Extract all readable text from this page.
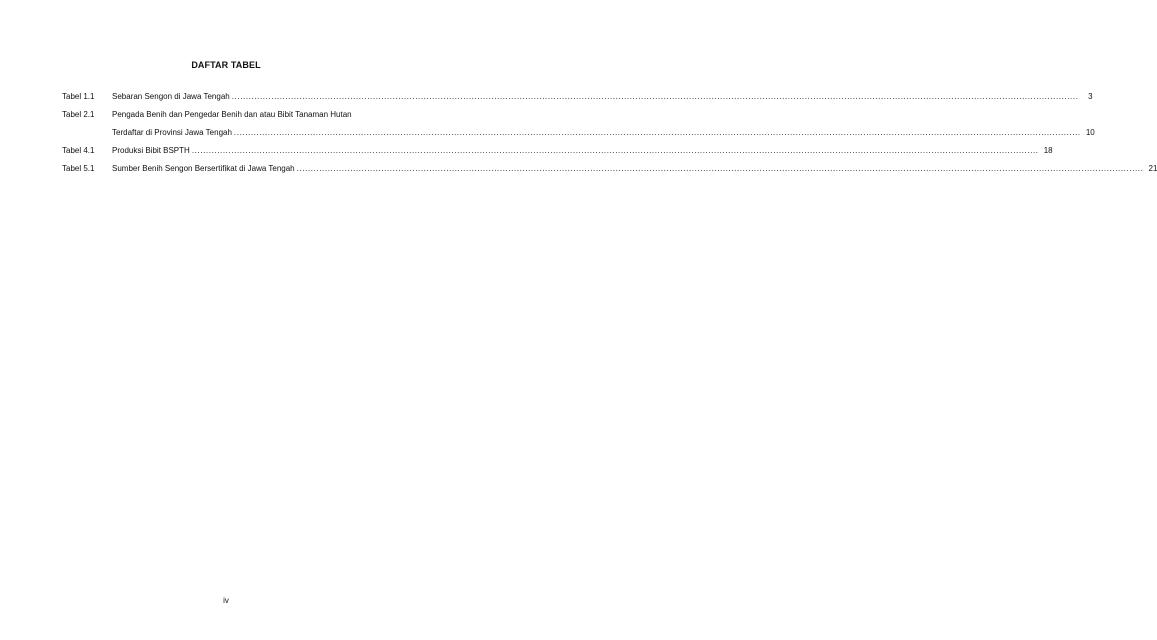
DAFTAR TABEL
Tabel 1.1	Sebaran Sengon di Jawa Tengah ............................................................................................................................................................................................................................................................................................................	3
Tabel 2.1	Pengada Benih dan Pengedar Benih dan atau Bibit Tanaman Hutan
Terdaftar di Provinsi Jawa Tengah ............................................................................................................................................................................................................................................................................................................ 10
Tabel 4.1	Produksi Bibit BSPTH ............................................................................................................................................................................................................................................................................................................ 18
Tabel 5.1	Sumber Benih Sengon Bersertifikat di Jawa Tengah ............................................................................................................................................................................................................................................................................................................ 21
iv
